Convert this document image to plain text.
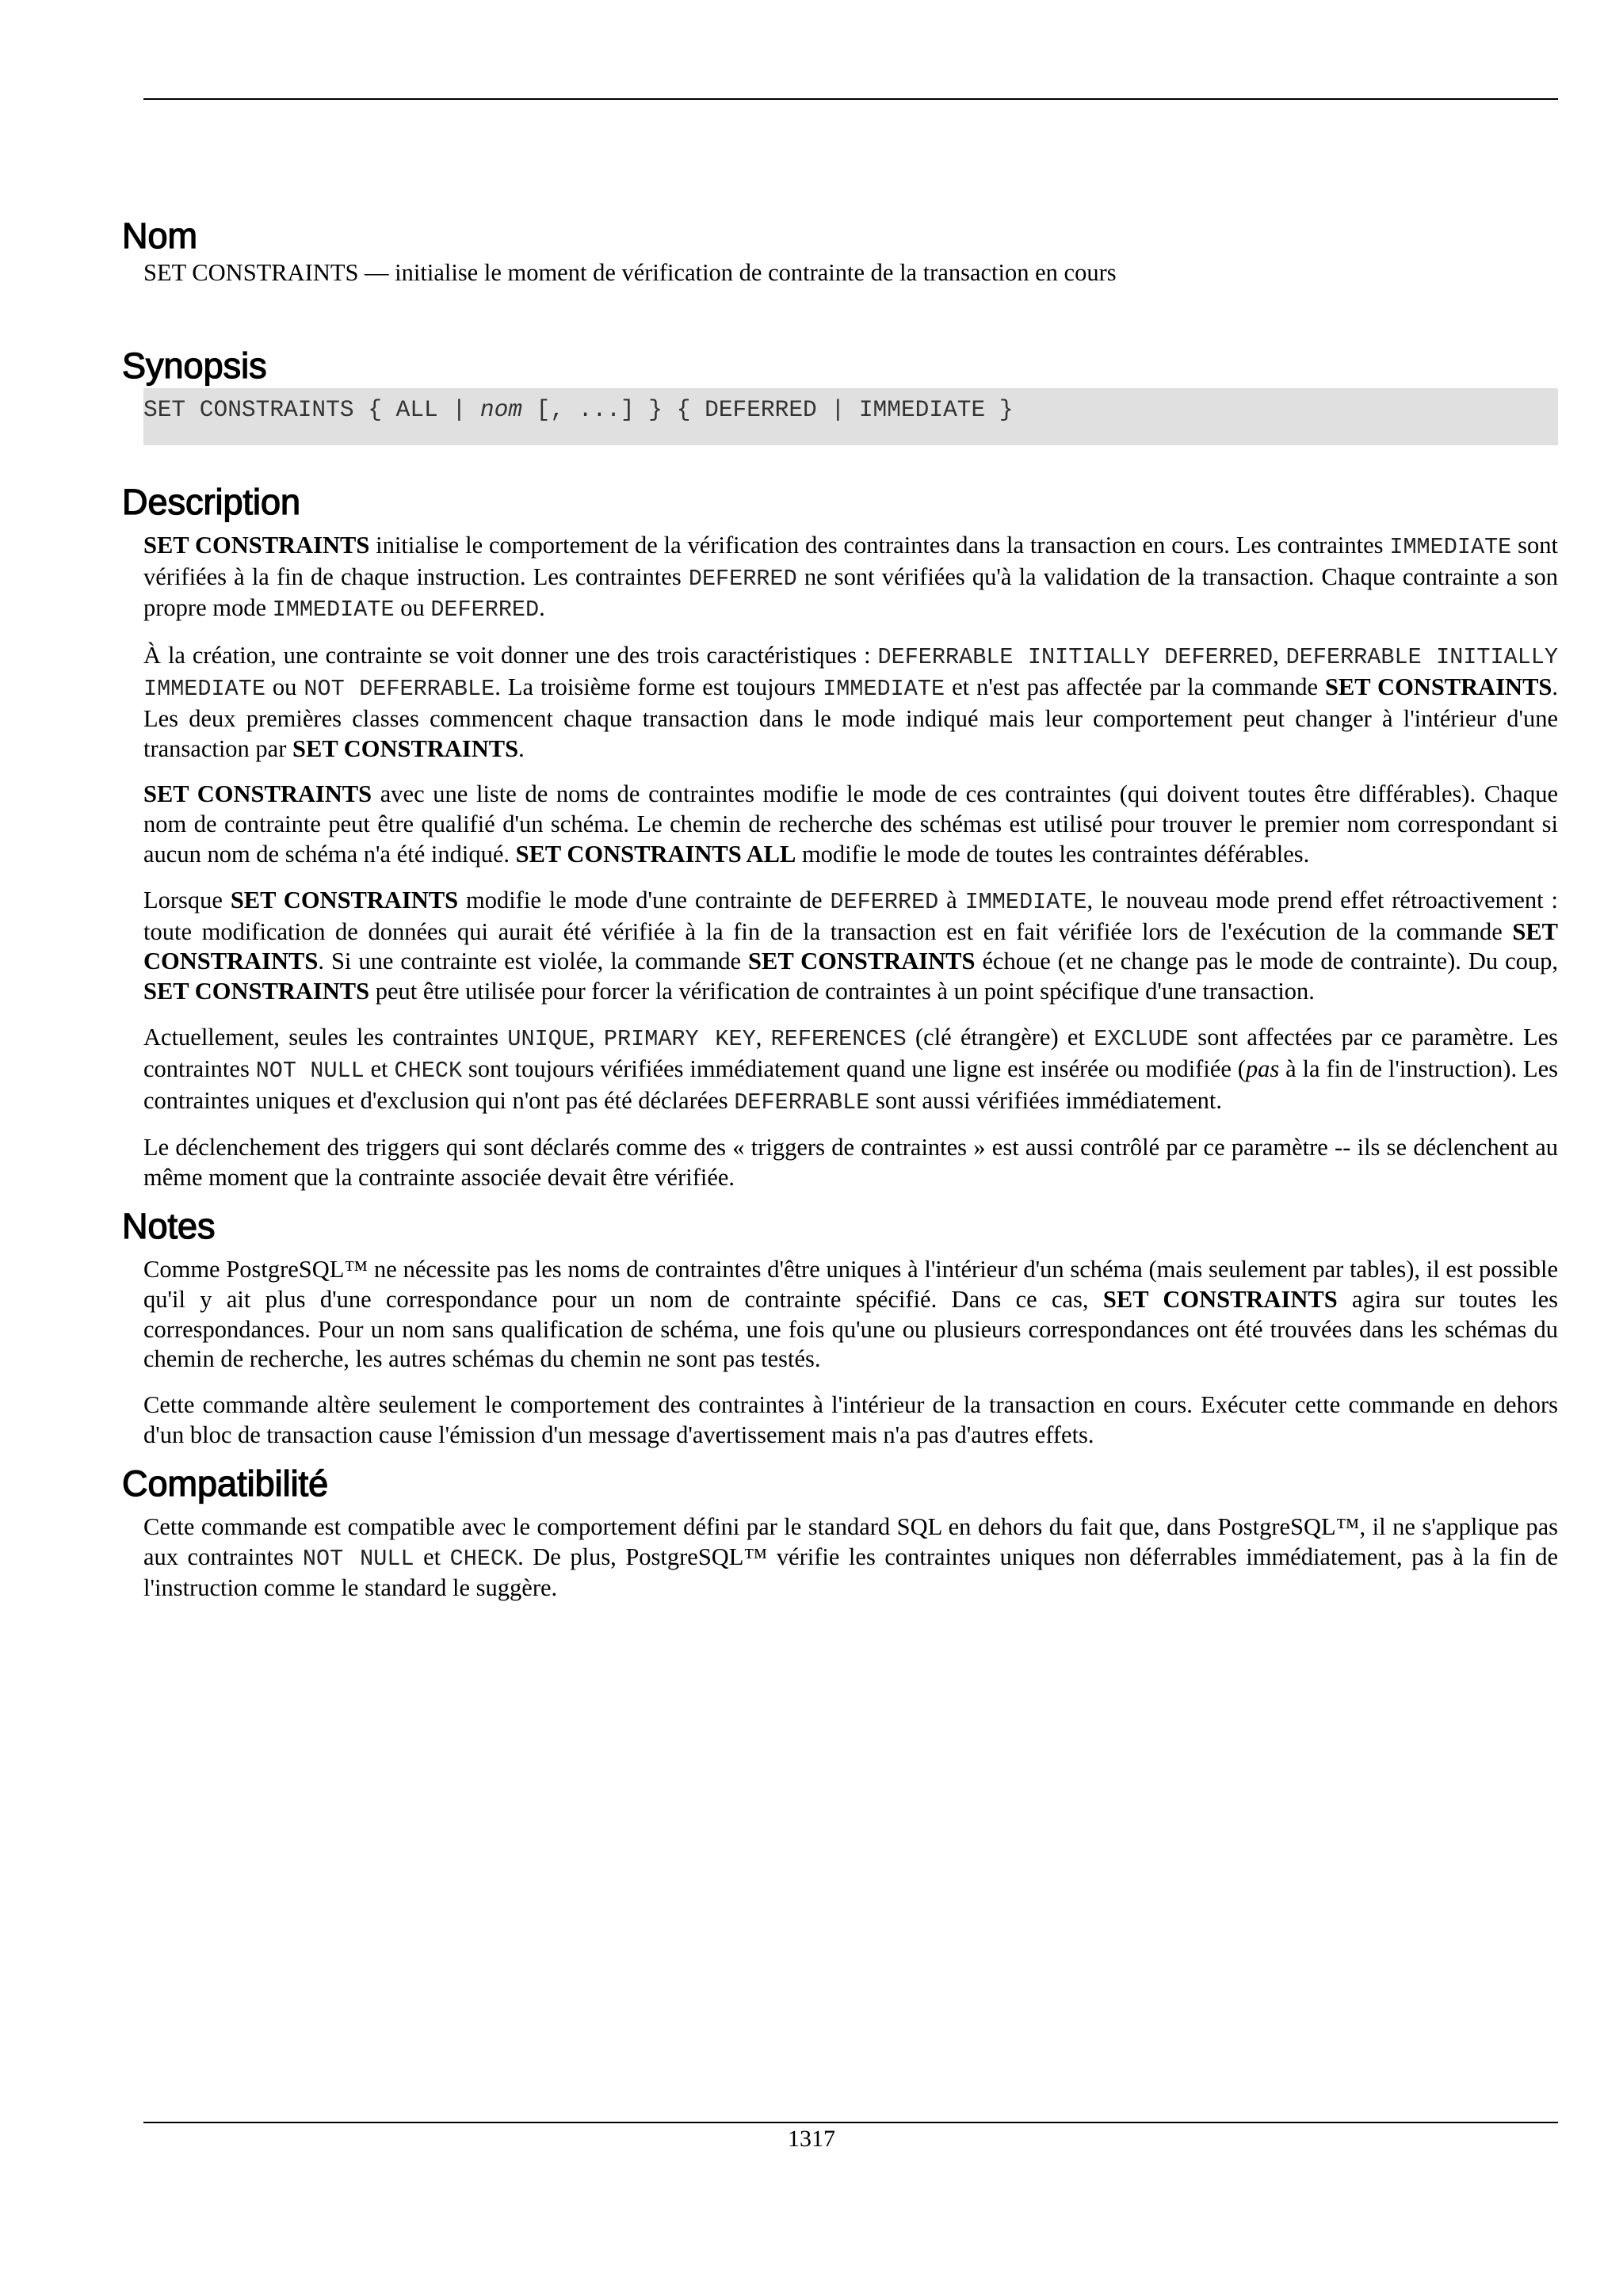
Nom

SET CONSTRAINTS — initialise le moment de vérification de contrainte de la transaction en cours

Synopsis
SET CONSTRAINTS { ALL | nom [, ...] } { DEFERRED | IMMEDIATE }
Description

SET CONSTRAINTS initialise le comportement de la vérification des contraintes dans la transaction en cours. Les contraintes IMMEDIATE sont vérifiées à la fin de chaque instruction. Les contraintes DEFERRED ne sont vérifiées qu'à la validation de la transaction. Chaque contrainte a son propre mode IMMEDIATE ou DEFERRED.

À la création, une contrainte se voit donner une des trois caractéristiques : DEFERRABLE INITIALLY DEFERRED, DEFERRABLE INITIALLY IMMEDIATE ou NOT DEFERRABLE. La troisième forme est toujours IMMEDIATE et n'est pas affectée par la commande SET CONSTRAINTS. Les deux premières classes commencent chaque transaction dans le mode indiqué mais leur comportement peut changer à l'intérieur d'une transaction par SET CONSTRAINTS.

SET CONSTRAINTS avec une liste de noms de contraintes modifie le mode de ces contraintes (qui doivent toutes être différables). Chaque nom de contrainte peut être qualifié d'un schéma. Le chemin de recherche des schémas est utilisé pour trouver le premier nom correspondant si aucun nom de schéma n'a été indiqué. SET CONSTRAINTS ALL modifie le mode de toutes les contraintes déférables.

Lorsque SET CONSTRAINTS modifie le mode d'une contrainte de DEFERRED à IMMEDIATE, le nouveau mode prend effet rétroactivement : toute modification de données qui aurait été vérifiée à la fin de la transaction est en fait vérifiée lors de l'exécution de la commande SET CONSTRAINTS. Si une contrainte est violée, la commande SET CONSTRAINTS échoue (et ne change pas le mode de contrainte). Du coup, SET CONSTRAINTS peut être utilisée pour forcer la vérification de contraintes à un point spécifique d'une transaction.

Actuellement, seules les contraintes UNIQUE, PRIMARY KEY, REFERENCES (clé étrangère) et EXCLUDE sont affectées par ce paramètre. Les contraintes NOT NULL et CHECK sont toujours vérifiées immédiatement quand une ligne est insérée ou modifiée (pas à la fin de l'instruction). Les contraintes uniques et d'exclusion qui n'ont pas été déclarées DEFERRABLE sont aussi vérifiées immédiatement.

Le déclenchement des triggers qui sont déclarés comme des « triggers de contraintes » est aussi contrôlé par ce paramètre -- ils se déclenchent au même moment que la contrainte associée devait être vérifiée.

Notes

Comme PostgreSQL™ ne nécessite pas les noms de contraintes d'être uniques à l'intérieur d'un schéma (mais seulement par tables), il est possible qu'il y ait plus d'une correspondance pour un nom de contrainte spécifié. Dans ce cas, SET CONSTRAINTS agira sur toutes les correspondances. Pour un nom sans qualification de schéma, une fois qu'une ou plusieurs correspondances ont été trouvées dans les schémas du chemin de recherche, les autres schémas du chemin ne sont pas testés.

Cette commande altère seulement le comportement des contraintes à l'intérieur de la transaction en cours. Exécuter cette commande en dehors d'un bloc de transaction cause l'émission d'un message d'avertissement mais n'a pas d'autres effets.

Compatibilité

Cette commande est compatible avec le comportement défini par le standard SQL en dehors du fait que, dans PostgreSQL™, il ne s'applique pas aux contraintes NOT NULL et CHECK. De plus, PostgreSQL™ vérifie les contraintes uniques non déferrables immédiatement, pas à la fin de l'instruction comme le standard le suggère.

1317
